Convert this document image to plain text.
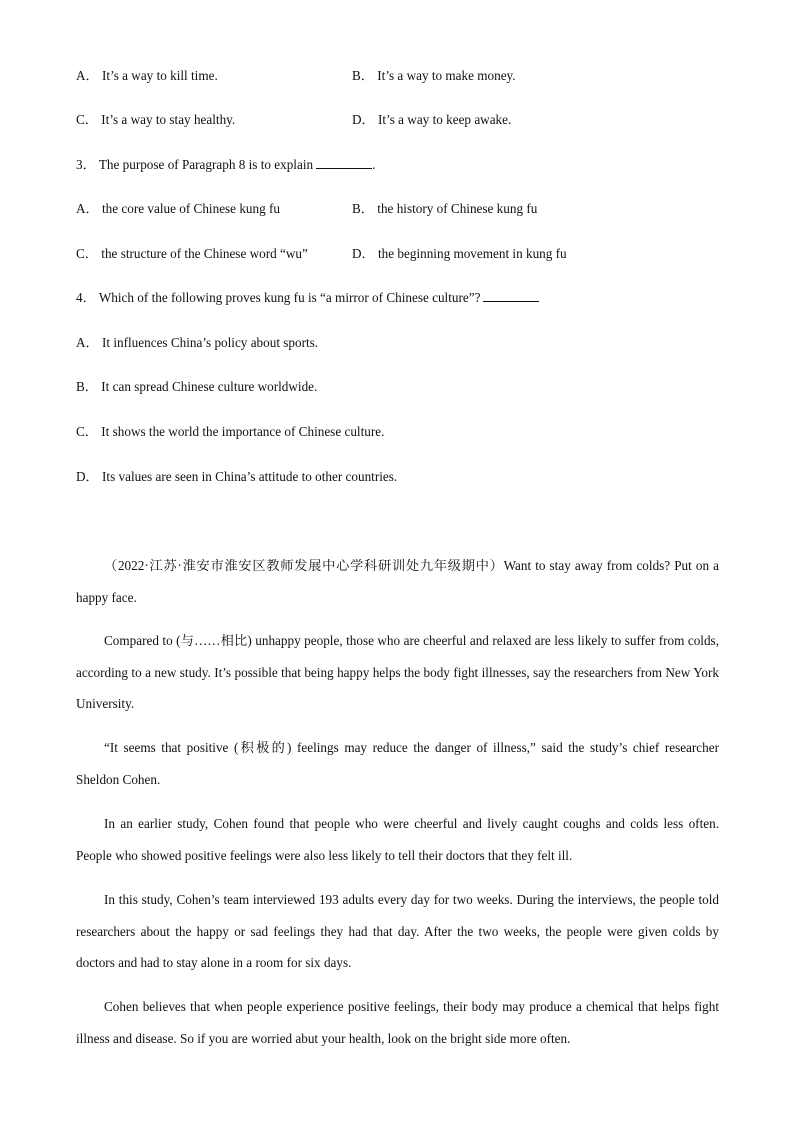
A． It’s a way to kill time.	B． It’s a way to make money.
C． It’s a way to stay healthy.	D． It’s a way to keep awake.
3． The purpose of Paragraph 8 is to explain	.
A． the core value of Chinese kung fu	B． the history of Chinese kung fu
C． the structure of the Chinese word “wu”	D． the beginning movement in kung fu
4． Which of the following proves kung fu is “a mirror of Chinese culture”?
A． It influences China’s policy about sports.
B． It can spread Chinese culture worldwide.
C． It shows the world the importance of Chinese culture.
D． Its values are seen in China’s attitude to other countries.
（2022·江苏·淮安市淮安区教师发展中心学科研训处九年级期中）Want to stay away from colds? Put on a happy face.
Compared to (与……相比) unhappy people, those who are cheerful and relaxed are less likely to suffer from colds, according to a new study. It’s possible that being happy helps the body fight illnesses, say the researchers from New York University.
“It seems that positive (积极的) feelings may reduce the danger of illness,” said the study’s chief researcher Sheldon Cohen.
In an earlier study, Cohen found that people who were cheerful and lively caught coughs and colds less often. People who showed positive feelings were also less likely to tell their doctors that they felt ill.
In this study, Cohen’s team interviewed 193 adults every day for two weeks. During the interviews, the people told researchers about the happy or sad feelings they had that day. After the two weeks, the people were given colds by doctors and had to stay alone in a room for six days.
Cohen believes that when people experience positive feelings, their body may produce a chemical that helps fight illness and disease. So if you are worried abut your health, look on the bright side more often.
